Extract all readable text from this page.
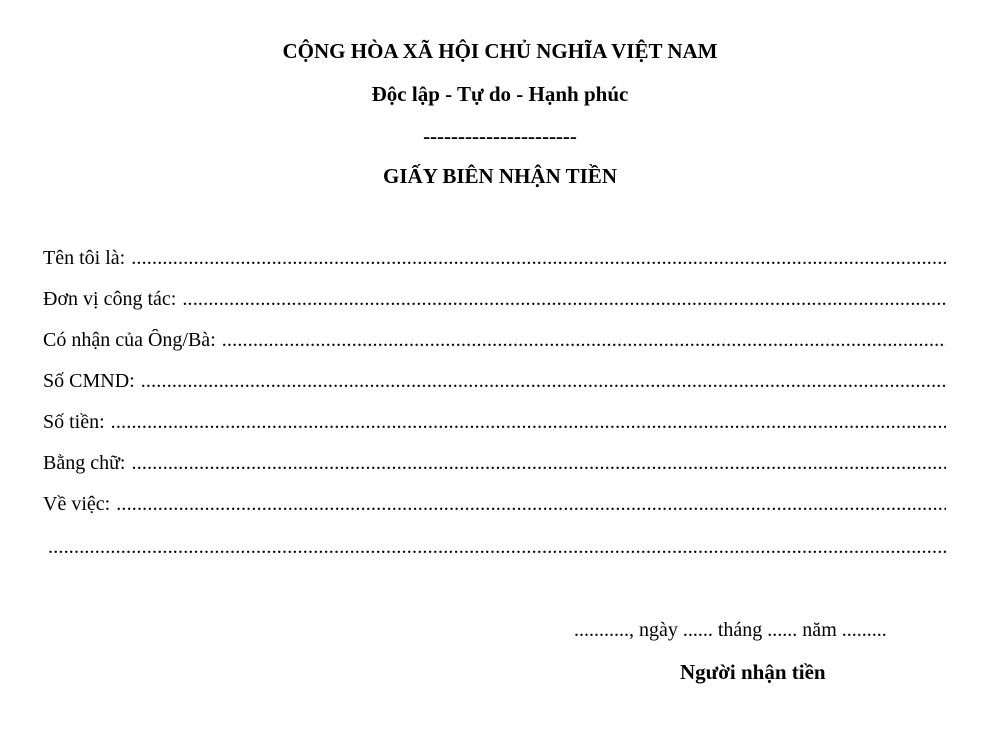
CỘNG HÒA XÃ HỘI CHỦ NGHĨA VIỆT NAM
Độc lập - Tự do - Hạnh phúc
----------------------
GIẤY BIÊN NHẬN TIỀN
Tên tôi là:
.....
Đơn vị công tác:
.....
Có nhận của Ông/Bà:
.....
Số CMND:
.....
Số tiền:
.....
Bằng chữ:
.....
Về việc:
.....
.....
..........., ngày ...... tháng ...... năm .........
Người nhận tiền
